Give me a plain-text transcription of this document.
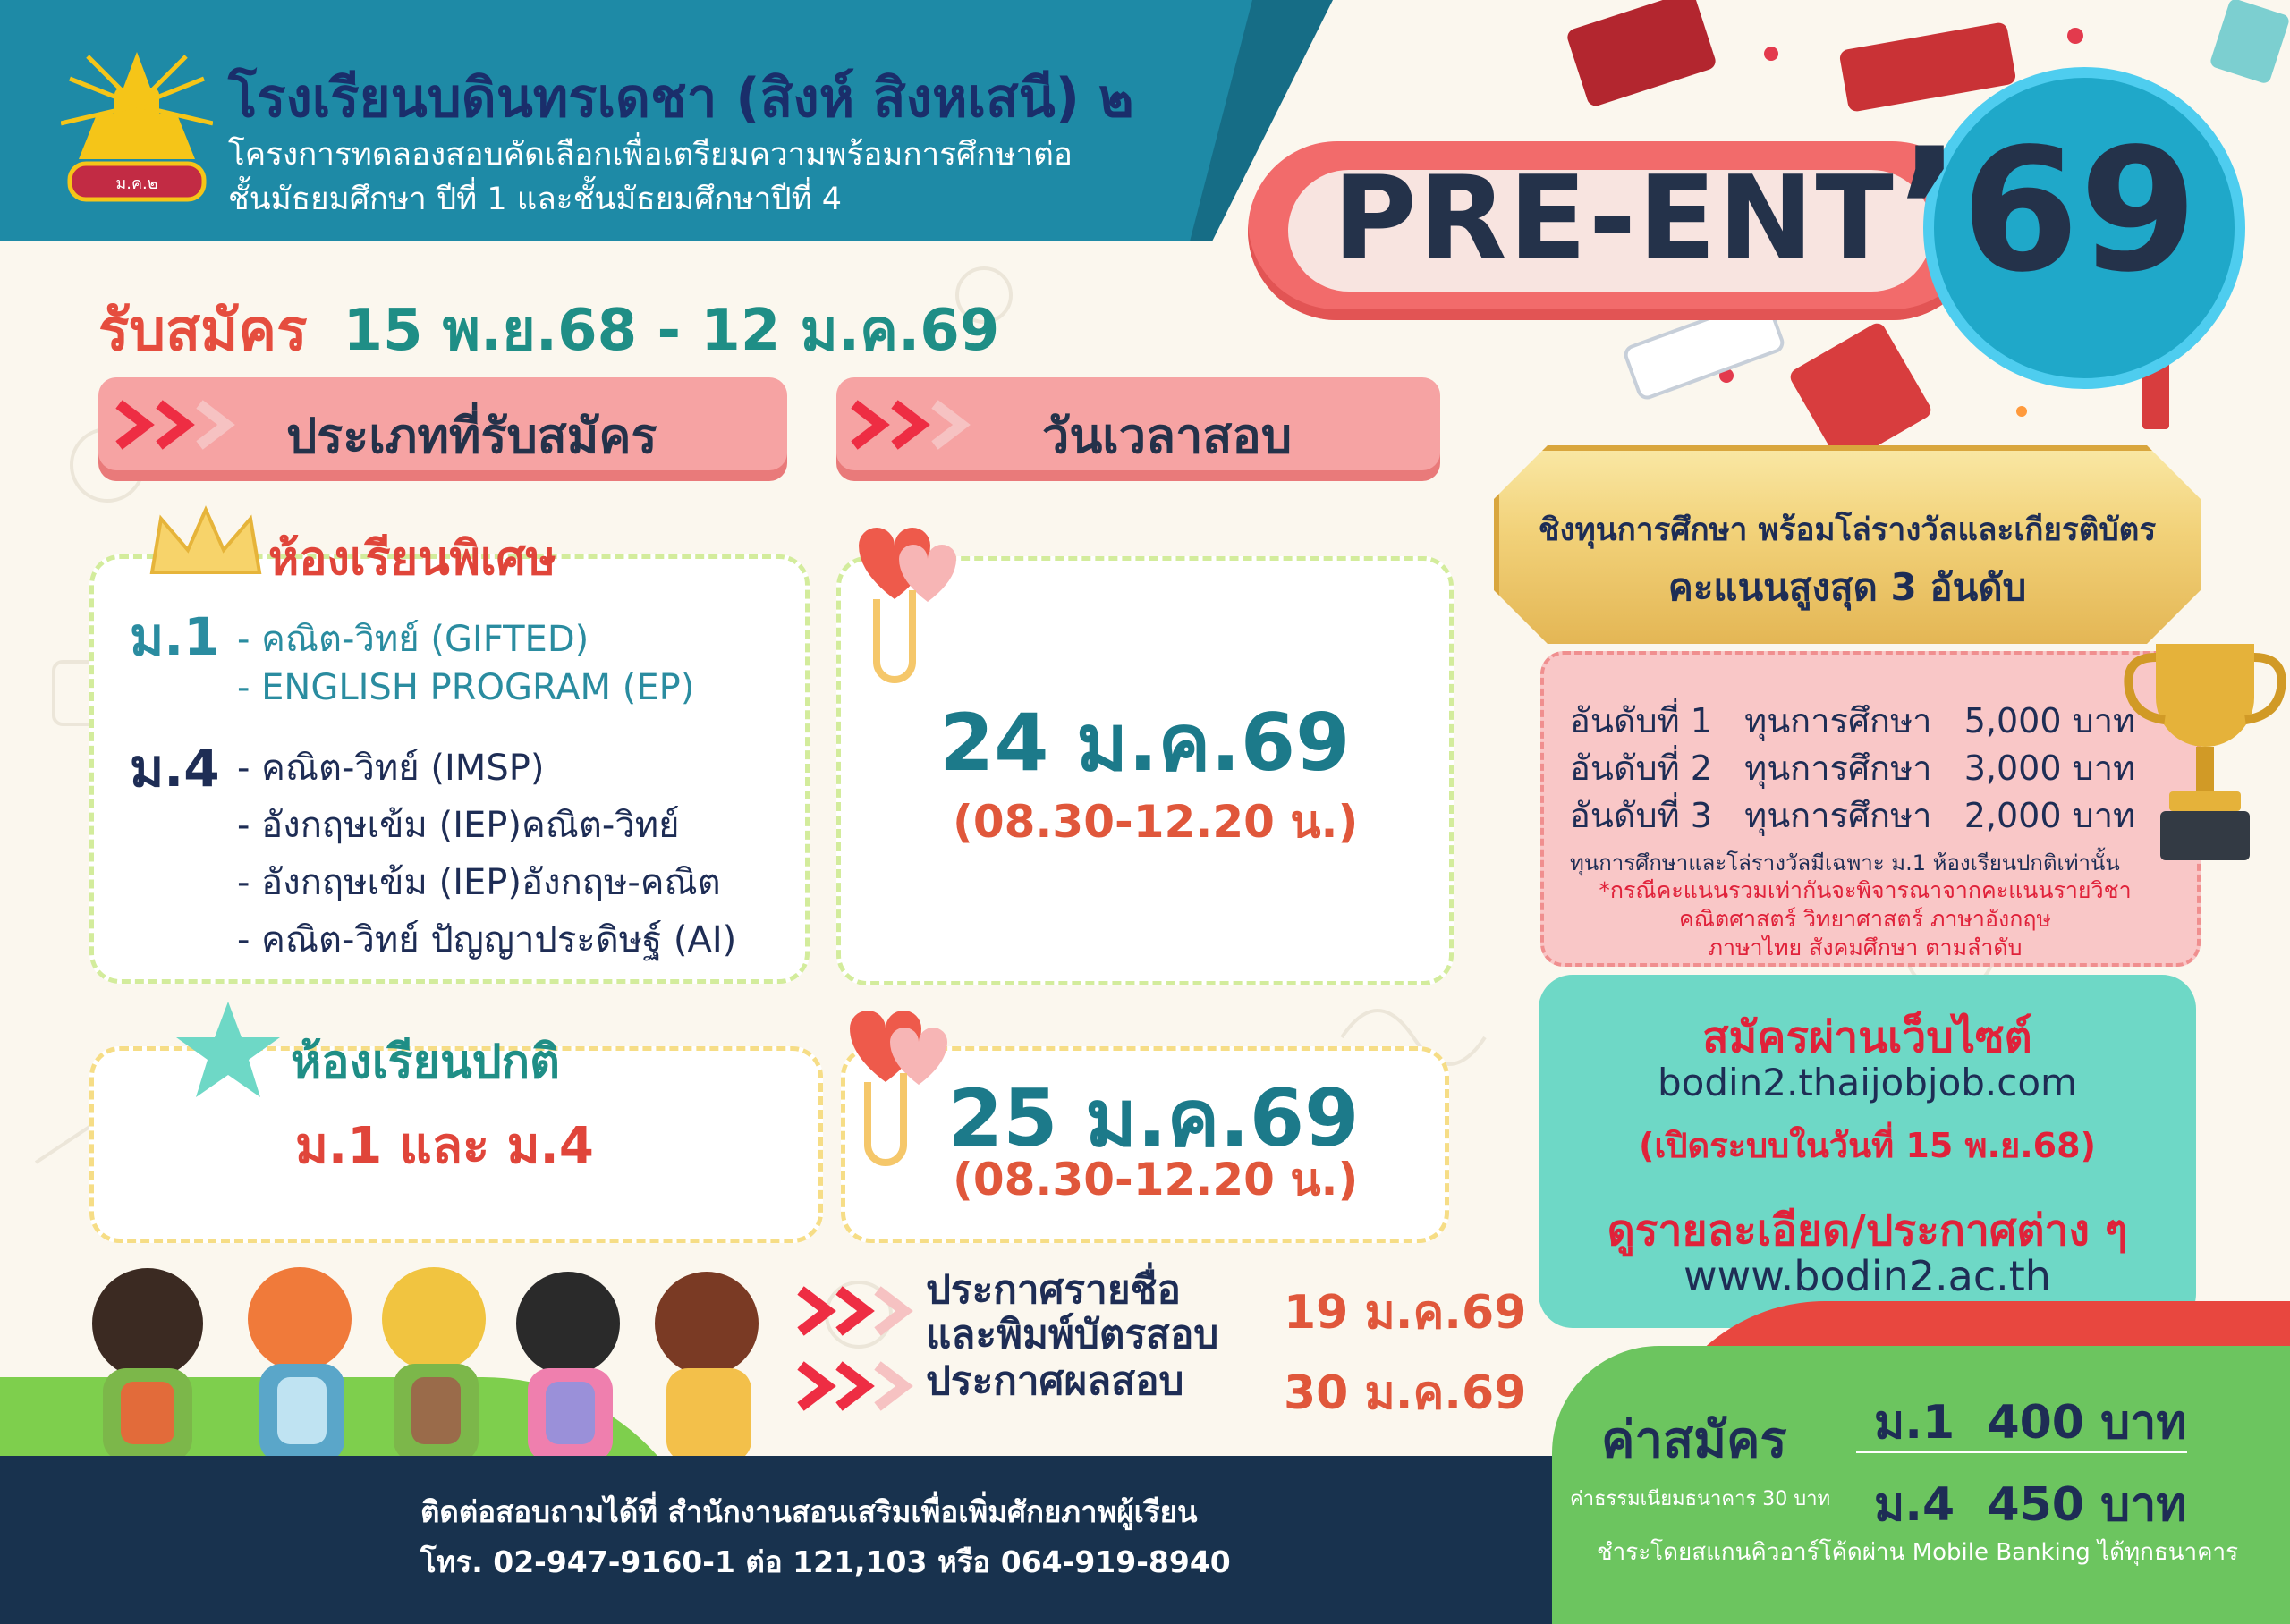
ม.ค.๒
โรงเรียนบดินทรเดชา (สิงห์ สิงหเสนี) ๒
โครงการทดลองสอบคัดเลือกเพื่อเตรียมความพร้อมการศึกษาต่อ
ชั้นมัธยมศึกษา ปีที่ 1 และชั้นมัธยมศึกษาปีที่ 4	PRE-ENT ’69
รับสมัคร 15 พ.ย.68 - 12 ม.ค.69
ประเภทที่รับสมัคร	วันเวลาสอบ
ห้องเรียนพิเศษ
ม.1 - คณิต-วิทย์ (GIFTED)
- ENGLISH PROGRAM (EP)
ม.4 - คณิต-วิทย์ (IMSP)
- อังกฤษเข้ม (IEP)คณิต-วิทย์
- อังกฤษเข้ม (IEP)อังกฤษ-คณิต
- คณิต-วิทย์ ปัญญาประดิษฐ์ (AI)
24 ม.ค.69
(08.30-12.20 น.)
ห้องเรียนปกติ
ม.1 และ ม.4	25 ม.ค.69
(08.30-12.20 น.)
ประกาศรายชื่อ
และพิมพ์บัตรสอบ 19 ม.ค.69
ประกาศผลสอบ 30 ม.ค.69
ชิงทุนการศึกษา พร้อมโล่รางวัลและเกียรติบัตร
คะแนนสูงสุด 3 อันดับ
อันดับที่ 1 ทุนการศึกษา 5,000 บาท
อันดับที่ 2 ทุนการศึกษา 3,000 บาท
อันดับที่ 3 ทุนการศึกษา 2,000 บาท
ทุนการศึกษาและโล่รางวัลมีเฉพาะ ม.1 ห้องเรียนปกติเท่านั้น
*กรณีคะแนนรวมเท่ากันจะพิจารณาจากคะแนนรายวิชา
คณิตศาสตร์ วิทยาศาสตร์ ภาษาอังกฤษ
ภาษาไทย สังคมศึกษา ตามลำดับ
สมัครผ่านเว็บไซต์
bodin2.thaijobjob.com
(เปิดระบบในวันที่ 15 พ.ย.68)
ดูรายละเอียด/ประกาศต่าง ๆ
www.bodin2.ac.th
ติดต่อสอบถามได้ที่ สำนักงานสอนเสริมเพื่อเพิ่มศักยภาพผู้เรียน
โทร. 02-947-9160-1 ต่อ 121,103 หรือ 064-919-8940
ค่าสมัคร ม.1 400 บาท
ค่าธรรมเนียมธนาคาร 30 บาท ม.4 450 บาท
ชำระโดยสแกนคิวอาร์โค้ดผ่าน Mobile Banking ได้ทุกธนาคาร
